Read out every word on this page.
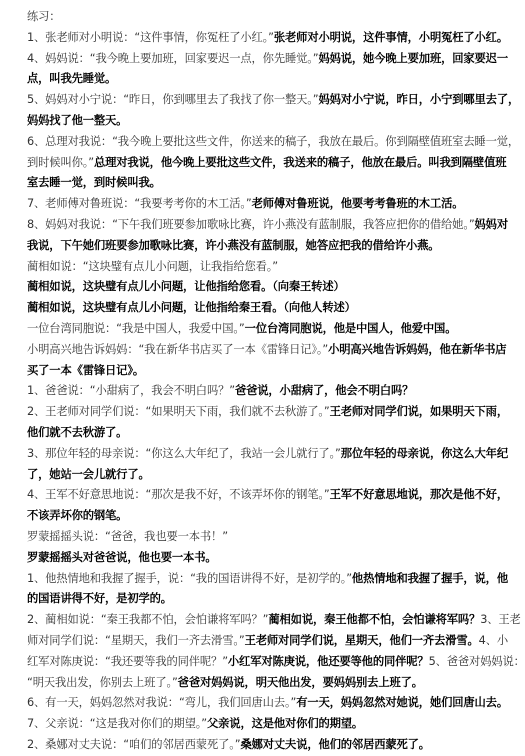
练习：
1、张老师对小明说：“这件事情，你冤枉了小红。”张老师对小明说，这件事情，小明冤枉了小红。
4、妈妈说：“我今晚上要加班，回家要迟一点，你先睡觉。”妈妈说，她今晚上要加班，回家要迟一
点，叫我先睡觉。
5、妈妈对小宁说：“昨日，你到哪里去了我找了你一整天。”妈妈对小宁说，昨日，小宁到哪里去了，
妈妈找了他一整天。
6、总理对我说：“我今晚上要批这些文件，你送来的稿子，我放在最后。你到隔壁值班室去睡一觉，
到时候叫你。”总理对我说，他今晚上要批这些文件，我送来的稿子，他放在最后。叫我到隔壁值班
室去睡一觉，到时候叫我。
7、老师傅对鲁班说：“我要考考你的木工活。”老师傅对鲁班说，他要考考鲁班的木工活。
8、妈妈对我说：“下午我们班要参加歌咏比赛，许小燕没有蓝制服，我答应把你的借给她。”妈妈对
我说，下午她们班要参加歌咏比赛，许小燕没有蓝制服，她答应把我的借给许小燕。
蔺相如说：“这块璧有点儿小问题，让我指给您看。”
蔺相如说，这块璧有点儿小问题，让他指给您看。（向秦王转述）
蔺相如说，这块璧有点儿小问题，让他指给秦王看。（向他人转述）
一位台湾同胞说：“我是中国人，我爱中国。”一位台湾同胞说，他是中国人，他爱中国。
小明高兴地告诉妈妈：“我在新华书店买了一本《雷锋日记》。”小明高兴地告诉妈妈，他在新华书店
买了一本《雷锋日记》。
1、爸爸说：“小甜病了，我会不明白吗？”爸爸说，小甜病了，他会不明白吗？
2、王老师对同学们说：“如果明天下雨，我们就不去秋游了。”王老师对同学们说，如果明天下雨，
他们就不去秋游了。
3、那位年轻的母亲说：“你这么大年纪了，我站一会儿就行了。”那位年轻的母亲说，你这么大年纪
了，她站一会儿就行了。
4、王军不好意思地说：“那次是我不好，不该弄坏你的钢笔。”王军不好意思地说，那次是他不好，
不该弄坏你的钢笔。
罗蒙摇摇头说：“爸爸，我也要一本书！”
罗蒙摇摇头对爸爸说，他也要一本书。
1、他热情地和我握了握手，说：“我的国语讲得不好，是初学的。”他热情地和我握了握手，说，他
的国语讲得不好，是初学的。
2、蔺相如说：“秦王我都不怕，会怕谦将军吗？”蔺相如说，秦王他都不怕，会怕谦将军吗？3、王老
师对同学们说：“星期天，我们一齐去滑雪。”王老师对同学们说，星期天，他们一齐去滑雪。4、小
红军对陈庚说：“我还要等我的同伴呢？”小红军对陈庚说，他还要等他的同伴呢？5、爸爸对妈妈说：
“明天我出发，你别去上班了。”爸爸对妈妈说，明天他出发，要妈妈别去上班了。
6、有一天，妈妈忽然对我说：“弯儿，我们回唐山去。”有一天，妈妈忽然对她说，她们回唐山去。
7、父亲说：“这是我对你们的期望。”父亲说，这是他对你们的期望。
2、桑娜对丈夫说：“咱们的邻居西蒙死了。”桑娜对丈夫说，他们的邻居西蒙死了。
